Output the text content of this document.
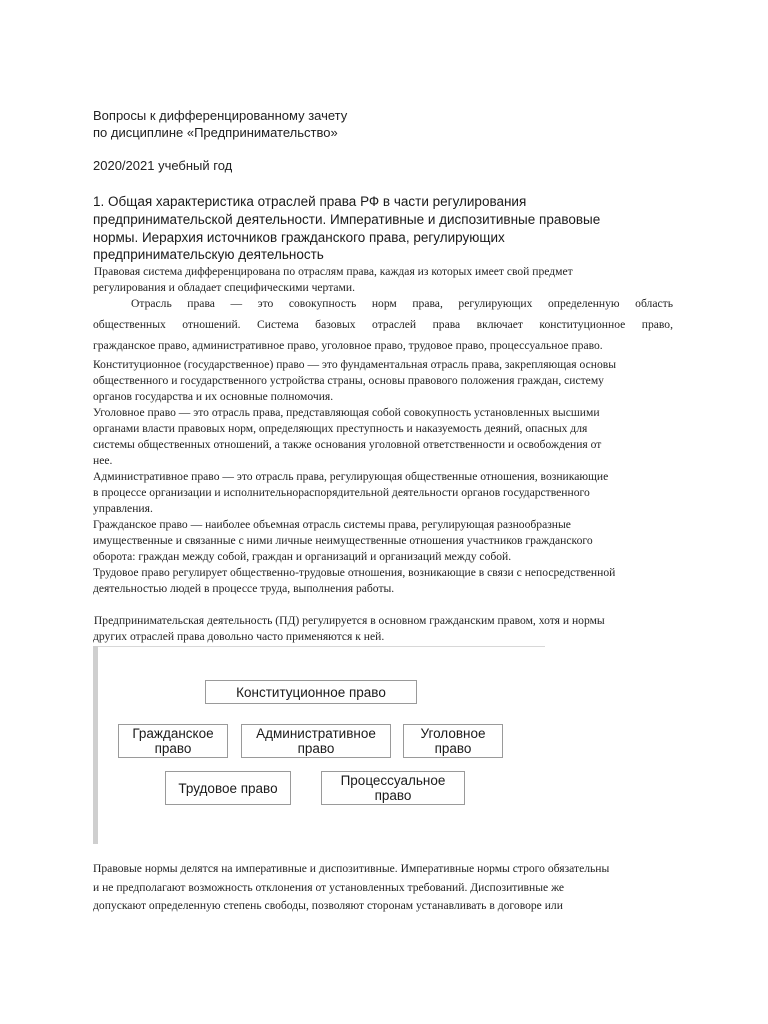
Вопросы к дифференцированному зачету
по дисциплине «Предпринимательство»
2020/2021 учебный год
1. Общая характеристика отраслей права РФ в части регулирования
предпринимательской деятельности. Императивные и диспозитивные правовые
нормы. Иерархия источников гражданского права, регулирующих
предпринимательскую деятельность
Правовая система дифференцирована по отраслям права, каждая из которых имеет свой предмет
регулирования и обладает специфическими чертами.
Отрасль права — это совокупность норм права, регулирующих определенную область
общественных отношений. Система базовых отраслей права включает конституционное право,
гражданское право, административное право, уголовное право, трудовое право, процессуальное право.
Конституционное (государственное) право — это фундаментальная отрасль права, закрепляющая основы
общественного и государственного устройства страны, основы правового положения граждан, систему
органов государства и их основные полномочия.
Уголовное право — это отрасль права, представляющая собой совокупность установленных высшими
органами власти правовых норм, определяющих преступность и наказуемость деяний, опасных для
системы общественных отношений, а также основания уголовной ответственности и освобождения от
нее.
Административное право — это отрасль права, регулирующая общественные отношения, возникающие
в процессе организации и исполнительнораспорядительной деятельности органов государственного
управления.
Гражданское право — наиболее объемная отрасль системы права, регулирующая разнообразные
имущественные и связанные с ними личные неимущественные отношения участников гражданского
оборота: граждан между собой, граждан и организаций и организаций между собой.
Трудовое право регулирует общественно-трудовые отношения, возникающие в связи с непосредственной
деятельностью людей в процессе труда, выполнения работы.
Предпринимательская деятельность (ПД) регулируется в основном гражданским правом, хотя и нормы
других отраслей права довольно часто применяются к ней.
Конституционное право
Гражданское
право
Административное
право
Уголовное
право
Трудовое право	Процессуальное
право
Правовые нормы делятся на императивные и диспозитивные. Императивные нормы строго обязательны
и не предполагают возможность отклонения от установленных требований. Диспозитивные же
допускают определенную степень свободы, позволяют сторонам устанавливать в договоре или
